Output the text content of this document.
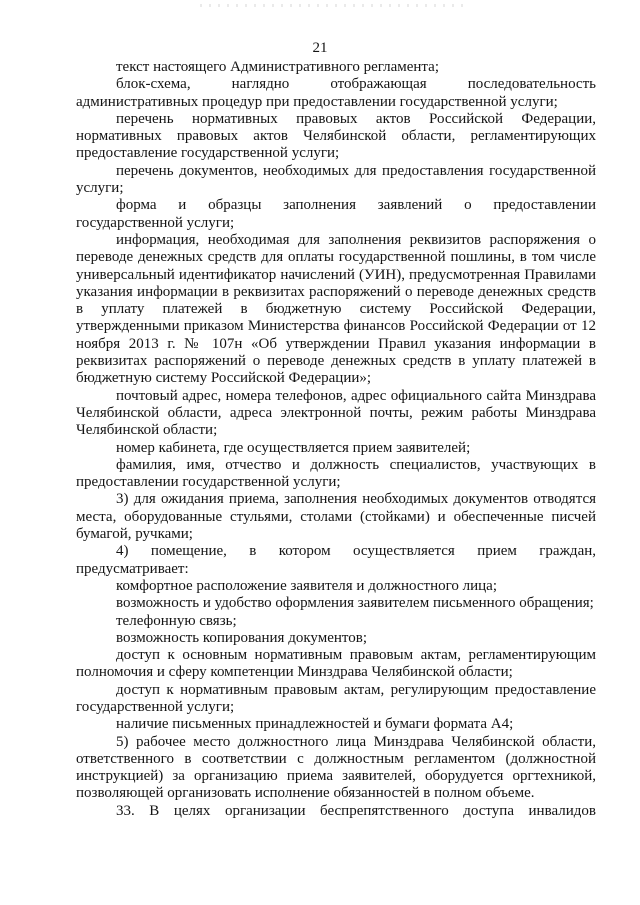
21

текст настоящего Административного регламента;

блок-схема, наглядно отображающая последовательность административных процедур при предоставлении государственной услуги;

перечень нормативных правовых актов Российской Федерации, нормативных правовых актов Челябинской области, регламентирующих предоставление государственной услуги;

перечень документов, необходимых для предоставления государственной услуги;

форма и образцы заполнения заявлений о предоставлении государственной услуги;

информация, необходимая для заполнения реквизитов распоряжения о переводе денежных средств для оплаты государственной пошлины, в том числе универсальный идентификатор начислений (УИН), предусмотренная Правилами указания информации в реквизитах распоряжений о переводе денежных средств в уплату платежей в бюджетную систему Российской Федерации, утвержденными приказом Министерства финансов Российской Федерации от 12 ноября 2013 г. № 107н «Об утверждении Правил указания информации в реквизитах распоряжений о переводе денежных средств в уплату платежей в бюджетную систему Российской Федерации»;

почтовый адрес, номера телефонов, адрес официального сайта Минздрава Челябинской области, адреса электронной почты, режим работы Минздрава Челябинской области;

номер кабинета, где осуществляется прием заявителей;

фамилия, имя, отчество и должность специалистов, участвующих в предоставлении государственной услуги;

3) для ожидания приема, заполнения необходимых документов отводятся места, оборудованные стульями, столами (стойками) и обеспеченные писчей бумагой, ручками;

4) помещение, в котором осуществляется прием граждан, предусматривает:

комфортное расположение заявителя и должностного лица;

возможность и удобство оформления заявителем письменного обращения;

телефонную связь;

возможность копирования документов;

доступ к основным нормативным правовым актам, регламентирующим полномочия и сферу компетенции Минздрава Челябинской области;

доступ к нормативным правовым актам, регулирующим предоставление государственной услуги;

наличие письменных принадлежностей и бумаги формата А4;

5) рабочее место должностного лица Минздрава Челябинской области, ответственного в соответствии с должностным регламентом (должностной инструкцией) за организацию приема заявителей, оборудуется оргтехникой, позволяющей организовать исполнение обязанностей в полном объеме.

33. В целях организации беспрепятственного доступа инвалидов
